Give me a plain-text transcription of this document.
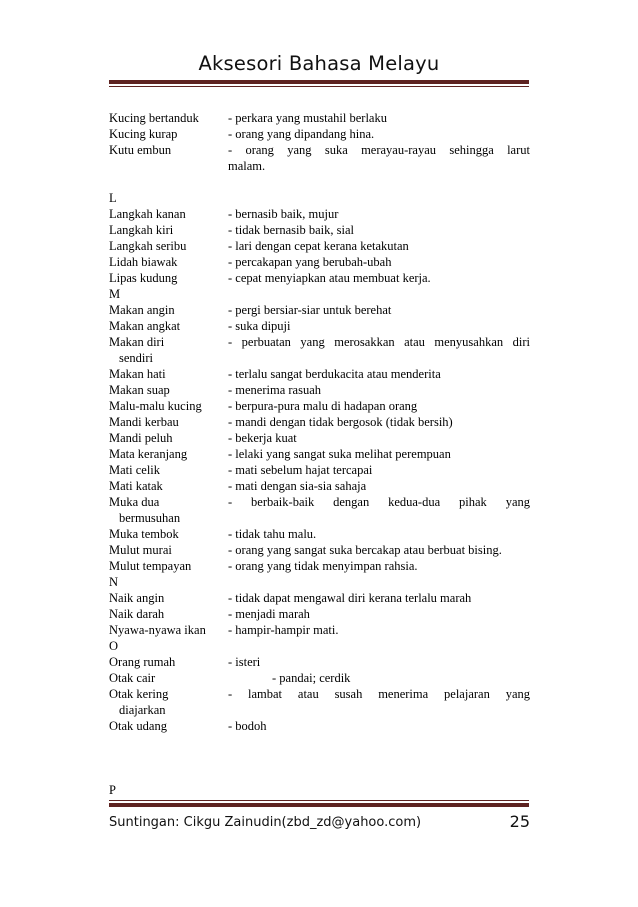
Aksesori Bahasa Melayu
Kucing bertanduk	- perkara yang mustahil berlaku
Kucing kurap	- orang yang dipandang hina.
Kutu embun	- orang yang suka merayau-rayau sehingga larut
malam.
L
Langkah kanan	- bernasib baik, mujur
Langkah kiri	- tidak bernasib baik, sial
Langkah seribu	- lari dengan cepat kerana ketakutan
Lidah biawak	- percakapan yang berubah-ubah
Lipas kudung	- cepat menyiapkan atau membuat kerja.
M
Makan angin	- pergi bersiar-siar untuk berehat
Makan angkat	- suka dipuji
Makan diri	- perbuatan yang merosakkan atau menyusahkan diri
sendiri
Makan hati	- terlalu sangat berdukacita atau menderita
Makan suap	- menerima rasuah
Malu-malu kucing	- berpura-pura malu di hadapan orang
Mandi kerbau	- mandi dengan tidak bergosok (tidak bersih)
Mandi peluh	- bekerja kuat
Mata keranjang	- lelaki yang sangat suka melihat perempuan
Mati celik	- mati sebelum hajat tercapai
Mati katak	- mati dengan sia-sia sahaja
Muka dua	- berbaik-baik dengan kedua-dua pihak yang
bermusuhan
Muka tembok	- tidak tahu malu.
Mulut murai	- orang yang sangat suka bercakap atau berbuat bising.
Mulut tempayan	- orang yang tidak menyimpan rahsia.
N
Naik angin	- tidak dapat mengawal diri kerana terlalu marah
Naik darah	- menjadi marah
Nyawa-nyawa ikan	- hampir-hampir mati.
O
Orang rumah	- isteri
Otak cair	- pandai; cerdik
Otak kering	- lambat atau susah menerima pelajaran yang
diajarkan
Otak udang	- bodoh
P
Suntingan: Cikgu Zainudin(zbd_zd@yahoo.com)	25
